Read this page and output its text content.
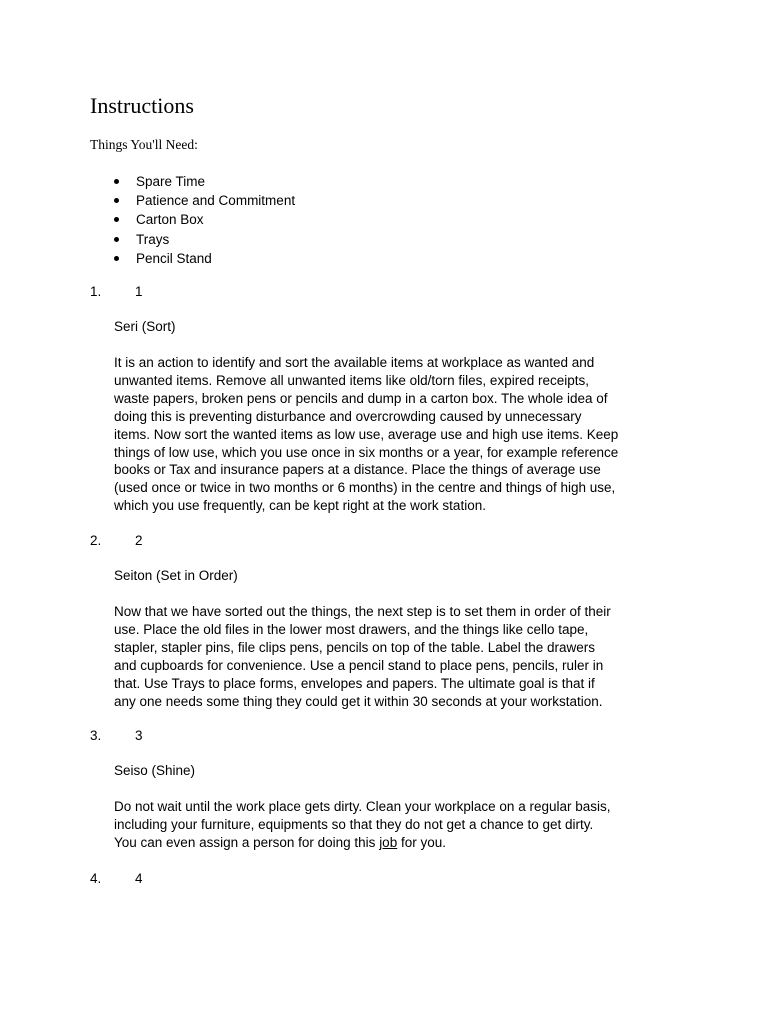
Instructions

Things You'll Need:

Spare Time
Patience and Commitment
Carton Box
Trays
Pencil Stand

1. 1

Seri (Sort)

It is an action to identify and sort the available items at workplace as wanted and
unwanted items. Remove all unwanted items like old/torn files, expired receipts,
waste papers, broken pens or pencils and dump in a carton box. The whole idea of
doing this is preventing disturbance and overcrowding caused by unnecessary
items. Now sort the wanted items as low use, average use and high use items. Keep
things of low use, which you use once in six months or a year, for example reference
books or Tax and insurance papers at a distance. Place the things of average use
(used once or twice in two months or 6 months) in the centre and things of high use,
which you use frequently, can be kept right at the work station.

2. 2

Seiton (Set in Order)

Now that we have sorted out the things, the next step is to set them in order of their
use. Place the old files in the lower most drawers, and the things like cello tape,
stapler, stapler pins, file clips pens, pencils on top of the table. Label the drawers
and cupboards for convenience. Use a pencil stand to place pens, pencils, ruler in
that. Use Trays to place forms, envelopes and papers. The ultimate goal is that if
any one needs some thing they could get it within 30 seconds at your workstation.

3. 3

Seiso (Shine)

Do not wait until the work place gets dirty. Clean your workplace on a regular basis,
including your furniture, equipments so that they do not get a chance to get dirty.
You can even assign a person for doing this job for you.

4. 4
